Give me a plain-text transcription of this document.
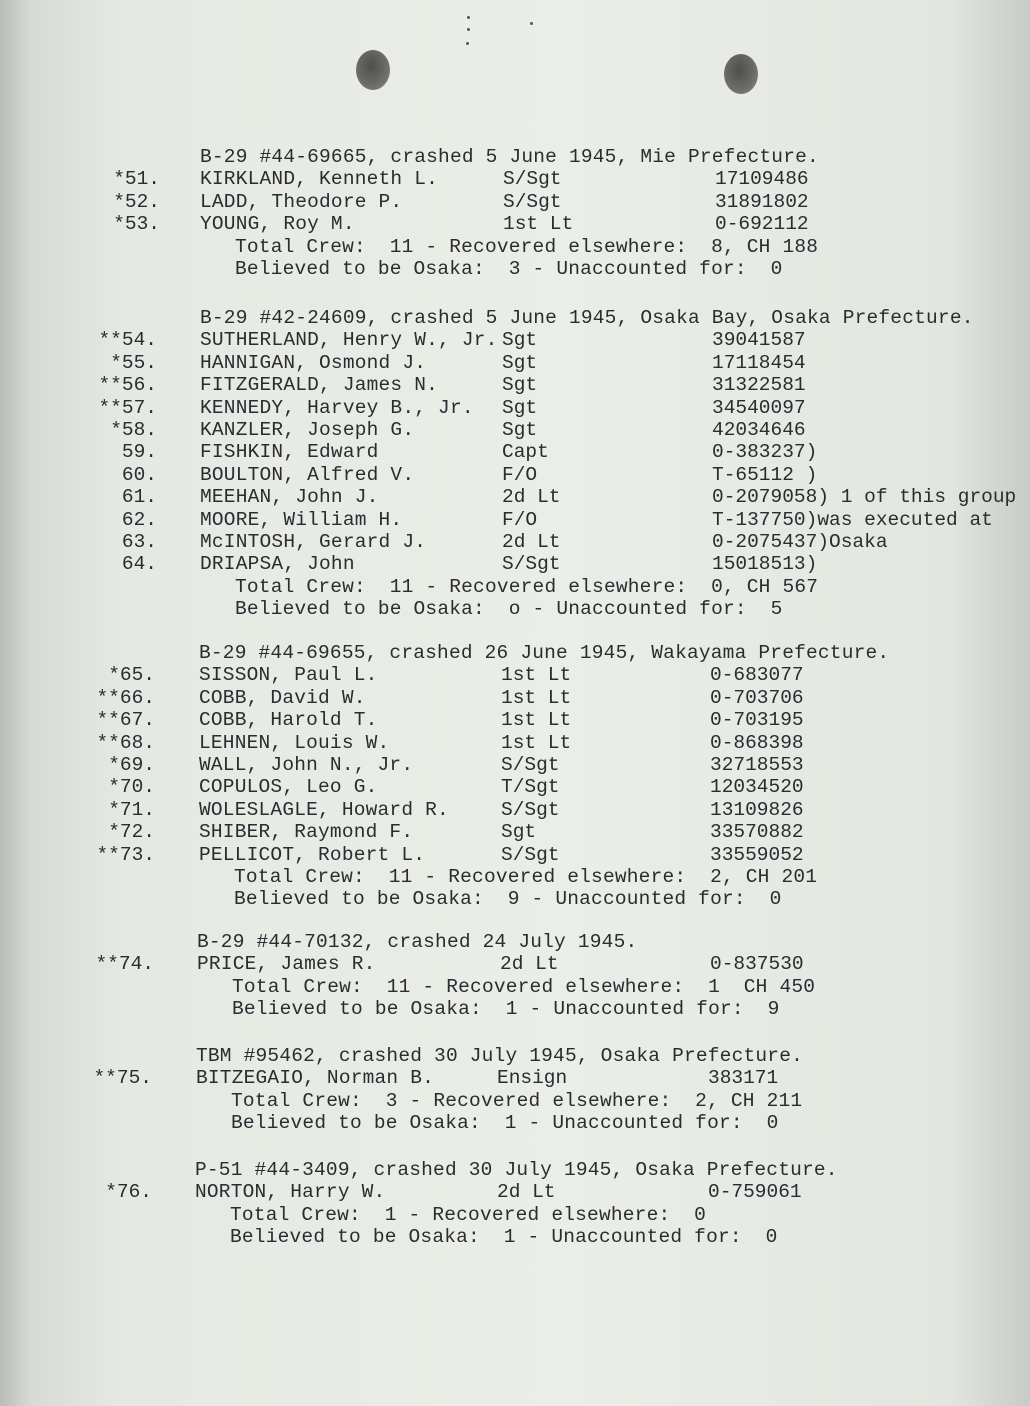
B-29 #44-69665, crashed 5 June 1945, Mie Prefecture.
*51. KIRKLAND, Kenneth L.	S/Sgt	17109486
*52. LADD, Theodore P.	S/Sgt	31891802
*53. YOUNG, Roy M.	1st Lt	0-692112
Total Crew:  11 - Recovered elsewhere:  8, CH 188
Believed to be Osaka:  3 - Unaccounted for:  0
B-29 #42-24609, crashed 5 June 1945, Osaka Bay, Osaka Prefecture.
**54. SUTHERLAND, Henry W., Jr. Sgt	39041587
*55. HANNIGAN, Osmond J.	Sgt	17118454
**56. FITZGERALD, James N.	Sgt	31322581
**57. KENNEDY, Harvey B., Jr. Sgt	34540097
*58. KANZLER, Joseph G.	Sgt	42034646
59. FISHKIN, Edward	Capt	0-383237)
60. BOULTON, Alfred V.	F/O	T-65112 )
61. MEEHAN, John J.	2d Lt	0-2079058) 1 of this group
62. MOORE, William H.	F/O	T-137750)was executed at
63. McINTOSH, Gerard J.	2d Lt	0-2075437)Osaka
64. DRIAPSA, John	S/Sgt	15018513)
Total Crew:  11 - Recovered elsewhere:  0, CH 567
Believed to be Osaka:  o - Unaccounted for:  5
B-29 #44-69655, crashed 26 June 1945, Wakayama Prefecture.
*65. SISSON, Paul L.	1st Lt	0-683077
**66. COBB, David W.	1st Lt	0-703706
**67. COBB, Harold T.	1st Lt	0-703195
**68. LEHNEN, Louis W.	1st Lt	0-868398
*69. WALL, John N., Jr.	S/Sgt	32718553
*70. COPULOS, Leo G.	T/Sgt	12034520
*71. WOLESLAGLE, Howard R.	S/Sgt	13109826
*72. SHIBER, Raymond F.	Sgt	33570882
**73. PELLICOT, Robert L.	S/Sgt	33559052
Total Crew:  11 - Recovered elsewhere:  2, CH 201
Believed to be Osaka:  9 - Unaccounted for:  0
B-29 #44-70132, crashed 24 July 1945.
**74. PRICE, James R.	2d Lt	0-837530
Total Crew:  11 - Recovered elsewhere:  1  CH 450
Believed to be Osaka:  1 - Unaccounted for:  9
TBM #95462, crashed 30 July 1945, Osaka Prefecture.
**75. BITZEGAIO, Norman B.	Ensign	383171
Total Crew:  3 - Recovered elsewhere:  2, CH 211
Believed to be Osaka:  1 - Unaccounted for:  0
P-51 #44-3409, crashed 30 July 1945, Osaka Prefecture.
*76. NORTON, Harry W.	2d Lt	0-759061
Total Crew:  1 - Recovered elsewhere:  0
Believed to be Osaka:  1 - Unaccounted for:  0
